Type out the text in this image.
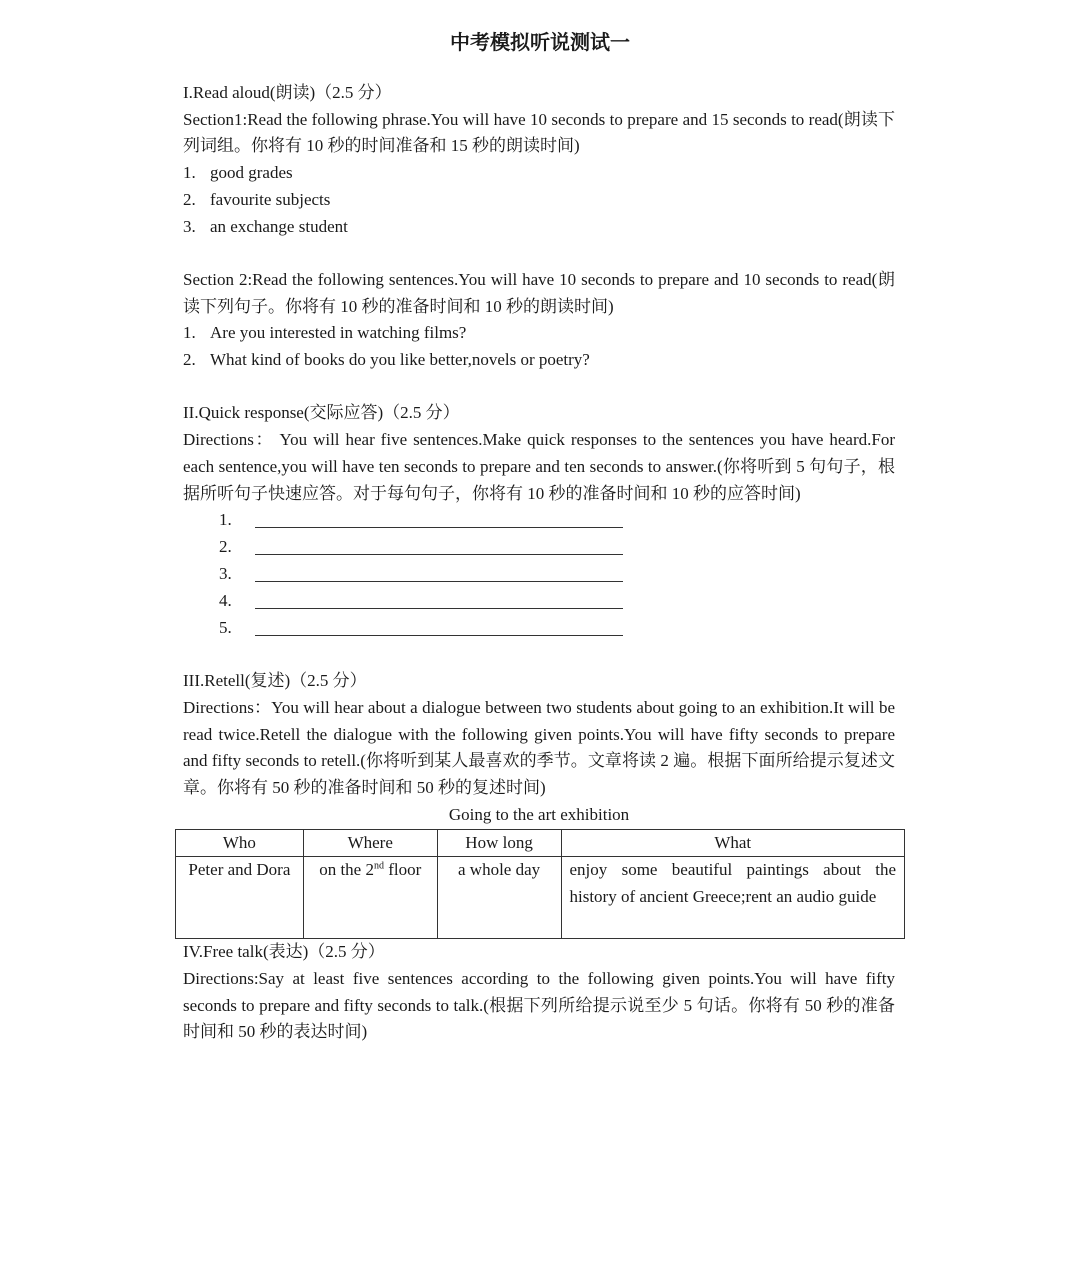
中考模拟听说测试一

I.Read aloud(朗读)（2.5 分）

Section1:Read the following phrase.You will have 10 seconds to prepare and 15 seconds to read(朗读下列词组。你将有 10 秒的时间准备和 15 秒的朗读时间)

1. good grades

2. favourite subjects

3. an exchange student

Section 2:Read the following sentences.You will have 10 seconds to prepare and 10 seconds to read(朗读下列句子。你将有 10 秒的准备时间和 10 秒的朗读时间)

1. Are you interested in watching films?

2. What kind of books do you like better,novels or poetry?

II.Quick response(交际应答)（2.5 分）

Directions： You will hear five sentences.Make quick responses to the sentences you have heard.For each sentence,you will have ten seconds to prepare and ten seconds to answer.(你将听到 5 句句子，根据所听句子快速应答。对于每句句子，你将有 10 秒的准备时间和 10 秒的应答时间)

1.

2.

3.

4.

5.

III.Retell(复述)（2.5 分）

Directions：You will hear about a dialogue between two students about going to an exhibition.It will be read twice.Retell the dialogue with the following given points.You will have fifty seconds to prepare and fifty seconds to retell.(你将听到某人最喜欢的季节。文章将读 2 遍。根据下面所给提示复述文章。你将有 50 秒的准备时间和 50 秒的复述时间)

Going to the art exhibition

Who	Where	How long	What
Peter and Dora	on the 2nd floor	a whole day	enjoy some beautiful paintings about the history of ancient Greece;rent an audio guide

IV.Free talk(表达)（2.5 分）

Directions:Say at least five sentences according to the following given points.You will have fifty seconds to prepare and fifty seconds to talk.(根据下列所给提示说至少 5 句话。你将有 50 秒的准备时间和 50 秒的表达时间)
